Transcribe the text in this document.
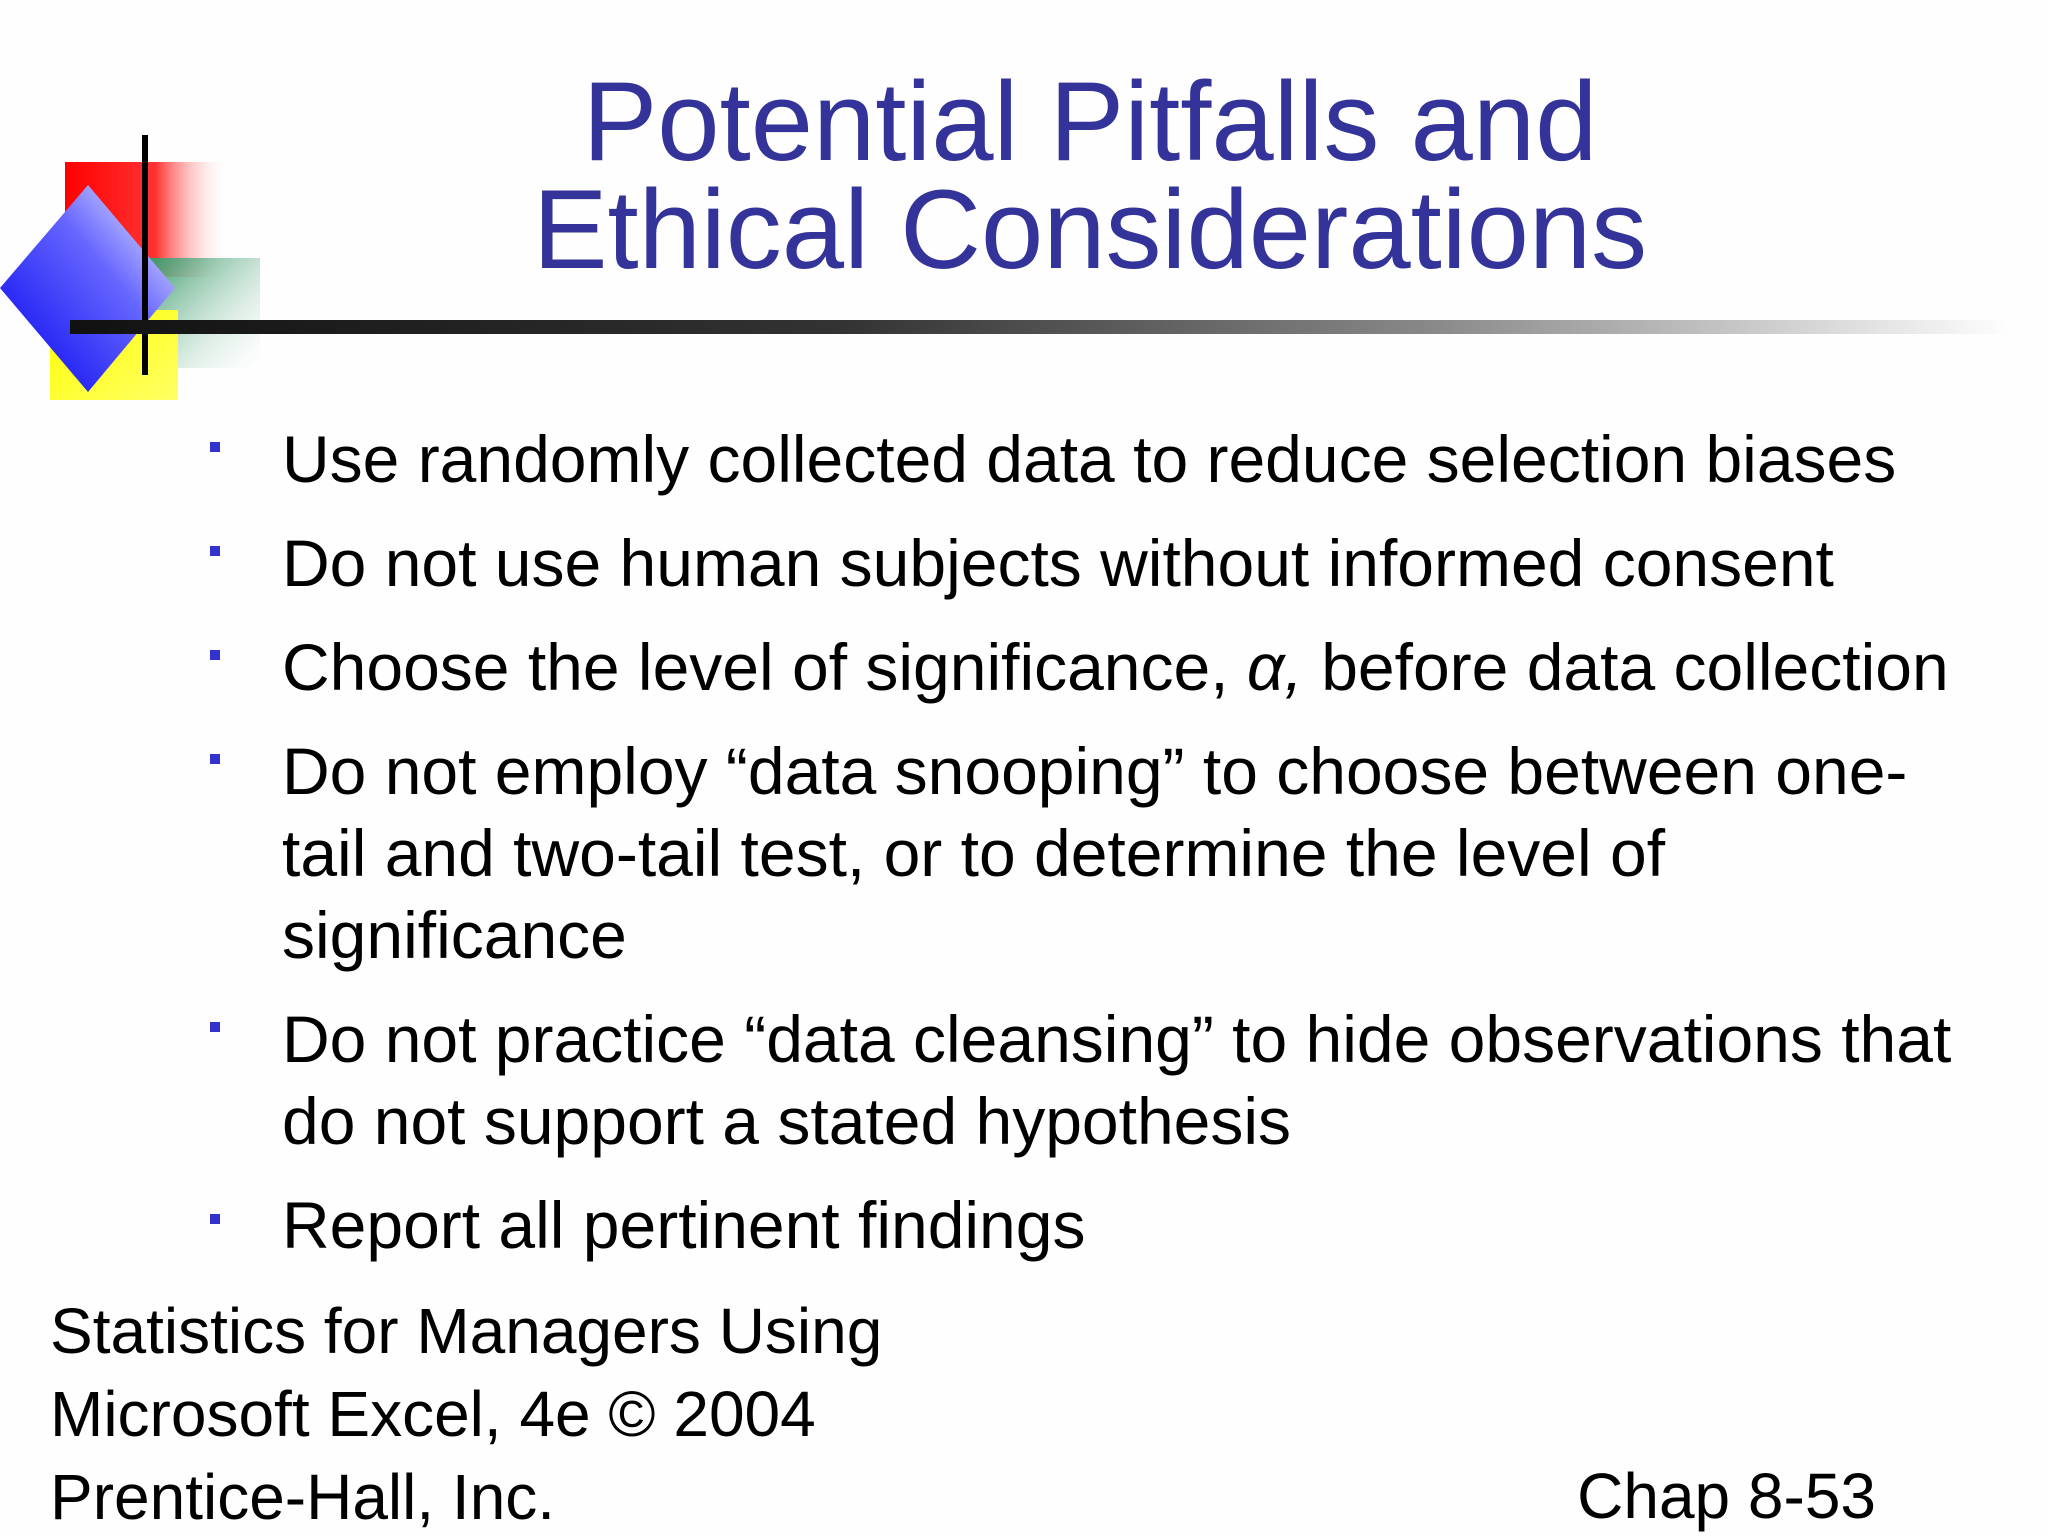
Potential Pitfalls and
Ethical Considerations
Use randomly collected data to reduce selection biases
Do not use human subjects without informed consent
Choose the level of significance, α, before data collection
Do not employ “data snooping” to choose between one-tail and two-tail test, or to determine the level of significance
Do not practice “data cleansing” to hide observations that do not support a stated hypothesis
Report all pertinent findings
Statistics for Managers Using
Microsoft Excel, 4e © 2004
Prentice-Hall, Inc.	Chap 8-53
